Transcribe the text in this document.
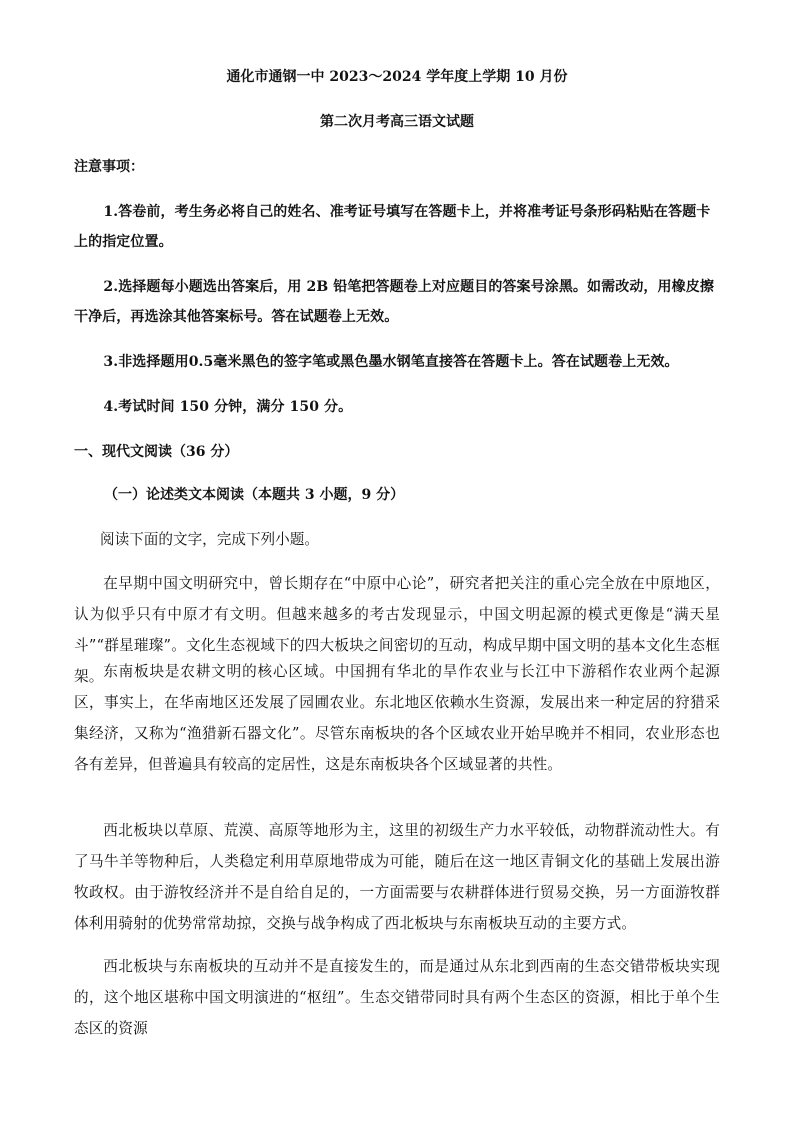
通化市通钢一中 2023～2024 学年度上学期 10 月份
第二次月考高三语文试题
注意事项：
1.答卷前，考生务必将自己的姓名、准考证号填写在答题卡上，并将准考证号条形码粘贴在答题卡上的指定位置。
2.选择题每小题选出答案后，用 2B 铅笔把答题卷上对应题目的答案号涂黑。如需改动，用橡皮擦干净后，再选涂其他答案标号。答在试题卷上无效。
3.非选择题用0.5毫米黑色的签字笔或黑色墨水钢笔直接答在答题卡上。答在试题卷上无效。
4.考试时间 150 分钟，满分 150 分。
一、现代文阅读（36 分）
（一）论述类文本阅读（本题共 3 小题，9 分）
阅读下面的文字，完成下列小题。
在早期中国文明研究中，曾长期存在“中原中心论”，研究者把关注的重心完全放在中原地区，认为似乎只有中原才有文明。但越来越多的考古发现显示，中国文明起源的模式更像是“满天星斗”“群星璀璨”。文化生态视域下的四大板块之间密切的互动，构成早期中国文明的基本文化生态框架。 东南板块是农耕文明的核心区域。中国拥有华北的旱作农业与长江中下游稻作农业两个起源区，事实上，在华南地区还发展了园圃农业。东北地区依赖水生资源，发展出来一种定居的狩猎采集经济，又称为“渔猎新石器文化”。尽管东南板块的各个区域农业开始早晚并不相同，农业形态也各有差异，但普遍具有较高的定居性，这是东南板块各个区域显著的共性。
西北板块以草原、荒漠、高原等地形为主，这里的初级生产力水平较低，动物群流动性大。有了马牛羊等物种后，人类稳定利用草原地带成为可能，随后在这一地区青铜文化的基础上发展出游牧政权。由于游牧经济并不是自给自足的，一方面需要与农耕群体进行贸易交换，另一方面游牧群体利用骑射的优势常常劫掠，交换与战争构成了西北板块与东南板块互动的主要方式。
西北板块与东南板块的互动并不是直接发生的，而是通过从东北到西南的生态交错带板块实现的，这个地区堪称中国文明演进的“枢纽”。生态交错带同时具有两个生态区的资源，相比于单个生态区的资源
